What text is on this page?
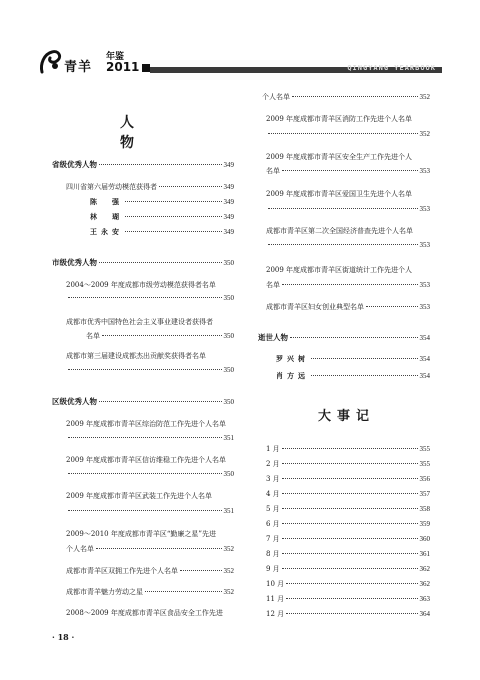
青羊
年鉴
2011	QINGYANG YEARBOOK
人 物
省级优秀人物	349
四川省第六届劳动模范获得者	349
陈　强	349
林　瑚	349
王永安	349
市级优秀人物	350
2004～2009 年度成都市级劳动模范获得者名单
350
成都市优秀中国特色社会主义事业建设者获得者
名单	350
成都市第三届建设成都杰出贡献奖获得者名单
350
区级优秀人物	350
2009 年度成都市青羊区综治防范工作先进个人名单
351
2009 年度成都市青羊区信访维稳工作先进个人名单
350
2009 年度成都市青羊区武装工作先进个人名单
351
2009～2010 年度成都市青羊区“勤廉之星”先进
个人名单	352
成都市青羊区双拥工作先进个人名单	352
成都市青羊魅力劳动之星	352
2008～2009 年度成都市青羊区食品安全工作先进
个人名单	352
2009 年度成都市青羊区消防工作先进个人名单
352
2009 年度成都市青羊区安全生产工作先进个人
名单	353
2009 年度成都市青羊区爱国卫生先进个人名单
353
成都市青羊区第二次全国经济普查先进个人名单
353
2009 年度成都市青羊区街道统计工作先进个人
名单	353
成都市青羊区妇女创业典型名单	353
逝世人物	354
罗兴树	354
肖方远	354
大事记
1 月	355
2 月	355
3 月	356
4 月	357
5 月	358
6 月	359
7 月	360
8 月	361
9 月	362
10 月	362
11 月	363
12 月	364
· 18 ·
